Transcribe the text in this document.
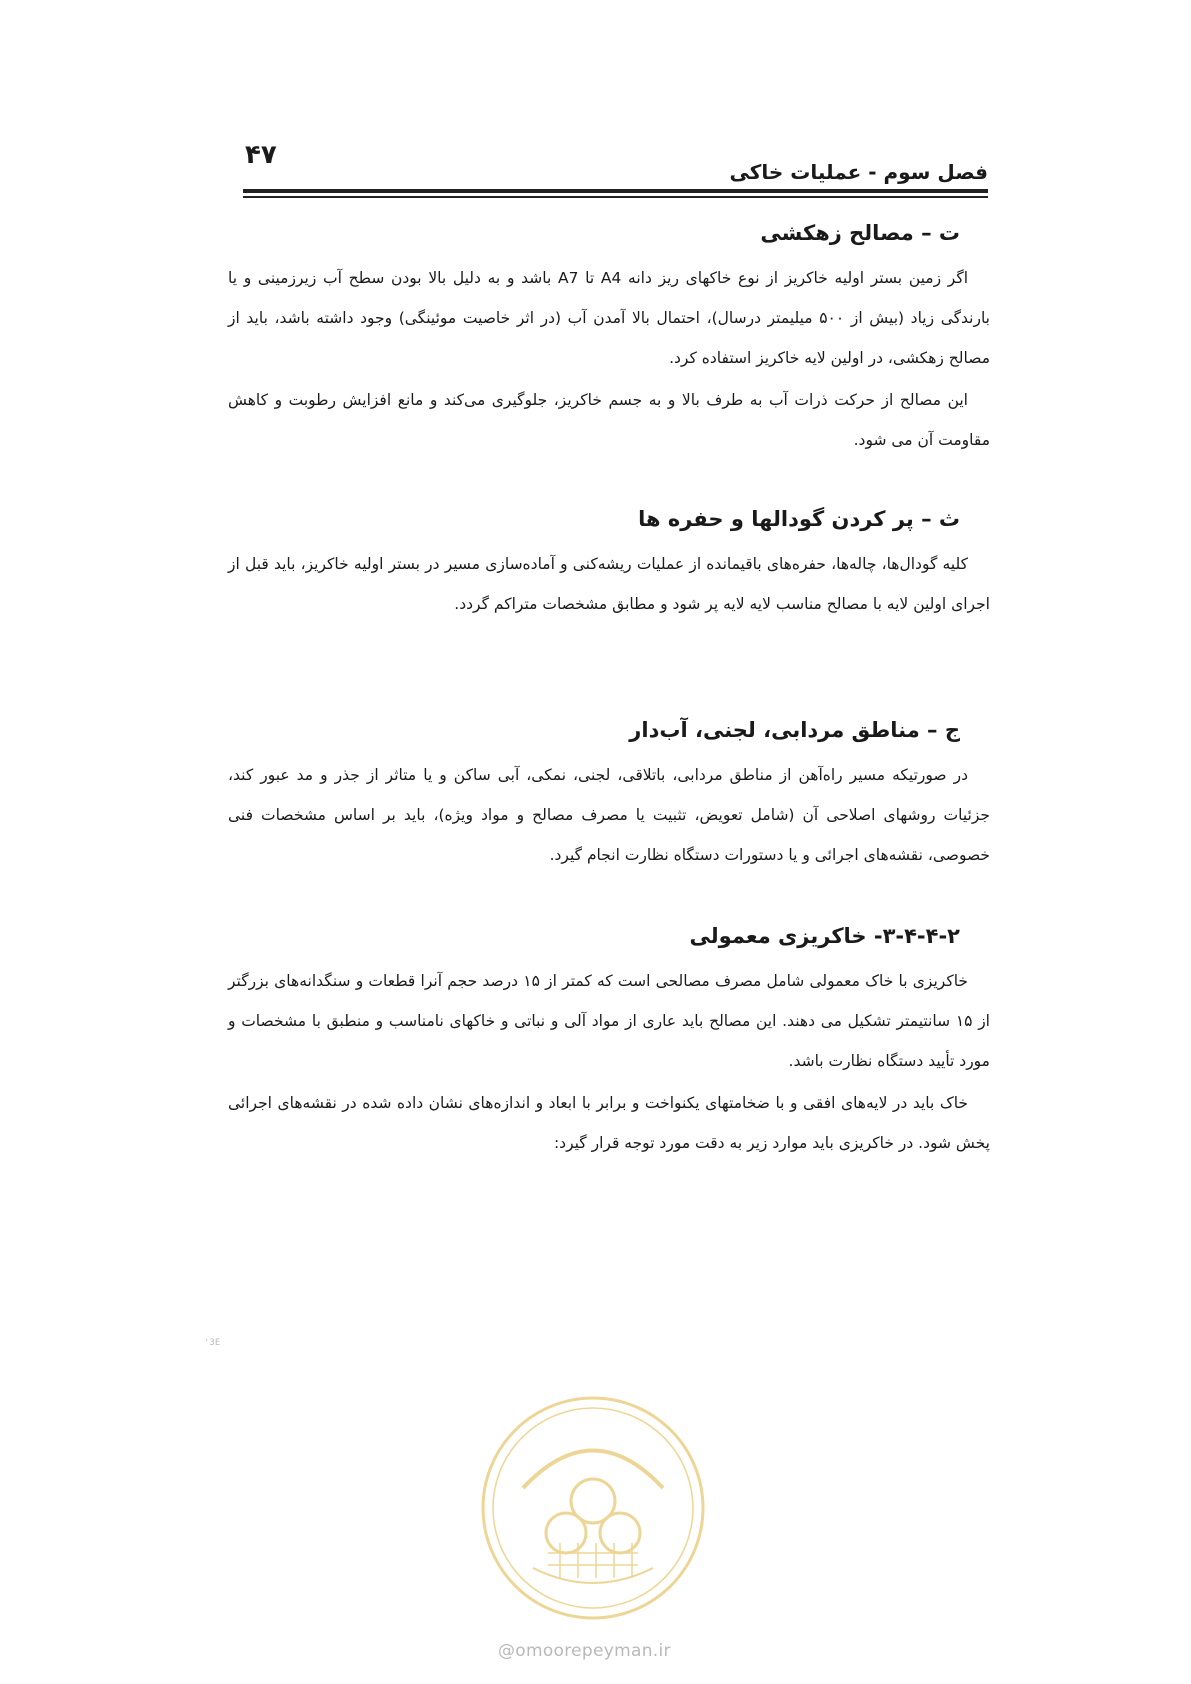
۴۷
فصل سوم - عملیات خاکی
ت – مصالح زهکشی

اگر زمین بستر اولیه خاکریز از نوع خاکهای ریز دانه A4 تا A7 باشد و به دلیل بالا بودن سطح آب زیرزمینی و یا بارندگی زیاد (بیش از ۵۰۰ میلیمتر درسال)، احتمال بالا آمدن آب (در اثر خاصیت موئینگی) وجود داشته باشد، باید از مصالح زهکشی، در اولین لایه خاکریز استفاده کرد.

این مصالح از حرکت ذرات آب به طرف بالا و به جسم خاکریز، جلوگیری می‌کند و مانع افزایش رطوبت و کاهش مقاومت آن می شود.

ث – پر کردن گودالها و حفره ها

کلیه گودال‌ها، چاله‌ها، حفره‌های باقیمانده از عملیات ریشه‌کنی و آماده‌سازی مسیر در بستر اولیه خاکریز، باید قبل از اجرای اولین لایه با مصالح مناسب لایه لایه پر شود و مطابق مشخصات متراکم گردد.

ج – مناطق مردابی، لجنی، آب‌دار

در صورتیکه مسیر راه‌آهن از مناطق مردابی، باتلاقی، لجنی، نمکی، آبی ساکن و یا متاثر از جذر و مد عبور کند، جزئیات روشهای اصلاحی آن (شامل تعویض، تثبیت یا مصرف مصالح و مواد ویژه)، باید بر اساس مشخصات فنی خصوصی، نقشه‌های اجرائی و یا دستورات دستگاه نظارت انجام گیرد.

۳-۴-۴-۲- خاکریزی معمولی

خاکریزی با خاک معمولی شامل مصرف مصالحی است که کمتر از ۱۵ درصد حجم آنرا قطعات و سنگدانه‌های بزرگتر از ۱۵ سانتیمتر تشکیل می دهند. این مصالح باید عاری از مواد آلی و نباتی و خاکهای نامناسب و منطبق با مشخصات و مورد تأیید دستگاه نظارت باشد.

خاک باید در لایه‌های افقی و با ضخامتهای یکنواخت و برابر با ابعاد و اندازه‌های نشان داده شده در نقشه‌های اجرائی پخش شود. در خاکریزی باید موارد زیر به دقت مورد توجه قرار گیرد:

'3E
@omoorepeyman.ir
